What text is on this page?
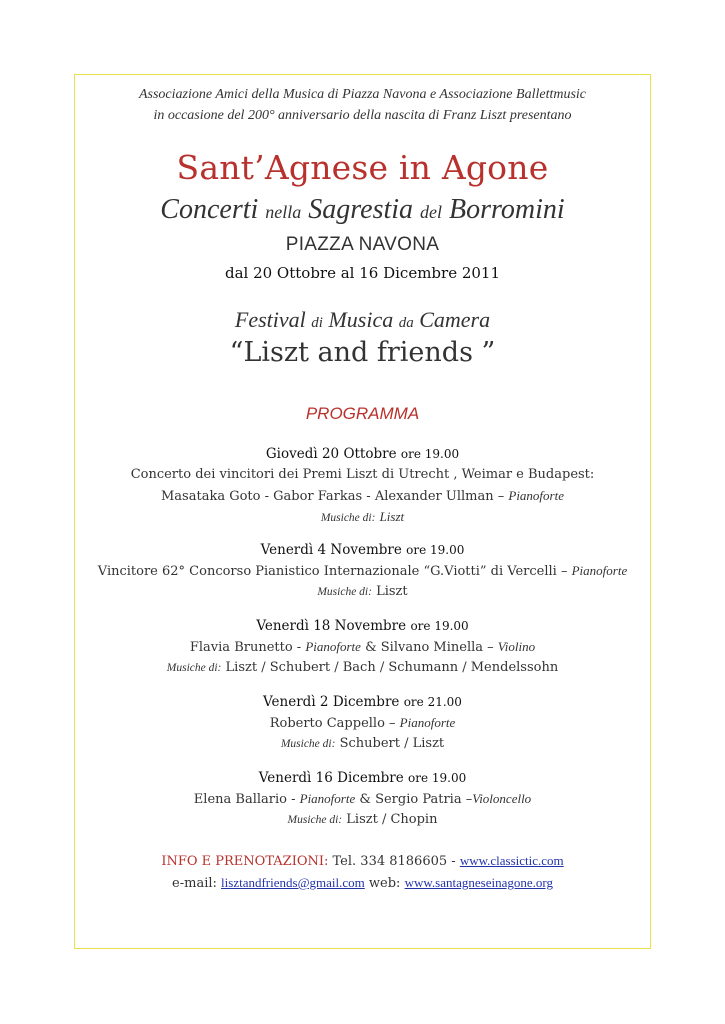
Associazione Amici della Musica di Piazza Navona e Associazione Ballettmusic
in occasione del 200° anniversario della nascita di Franz Liszt presentano
Sant’Agnese in Agone
Concerti nella Sagrestia del Borromini
PIAZZA NAVONA
dal 20 Ottobre al 16 Dicembre 2011
Festival di Musica da Camera
“Liszt and friends ”
PROGRAMMA
Giovedì 20 Ottobre ore 19.00
Concerto dei vincitori dei Premi Liszt di Utrecht , Weimar e Budapest:
Masataka Goto - Gabor Farkas - Alexander Ullman – Pianoforte
Musiche di: Liszt
Venerdì 4 Novembre ore 19.00
Vincitore 62° Concorso Pianistico Internazionale “G.Viotti” di Vercelli – Pianoforte
Musiche di: Liszt
Venerdì 18 Novembre ore 19.00
Flavia Brunetto - Pianoforte & Silvano Minella – Violino
Musiche di: Liszt / Schubert / Bach / Schumann / Mendelssohn
Venerdì 2 Dicembre ore 21.00
Roberto Cappello – Pianoforte
Musiche di: Schubert / Liszt
Venerdì 16 Dicembre ore 19.00
Elena Ballario - Pianoforte & Sergio Patria –Violoncello
Musiche di: Liszt / Chopin
INFO E PRENOTAZIONI: Tel. 334 8186605 - www.classictic.com
e-mail: lisztandfriends@gmail.com web: www.santagneseinagone.org
